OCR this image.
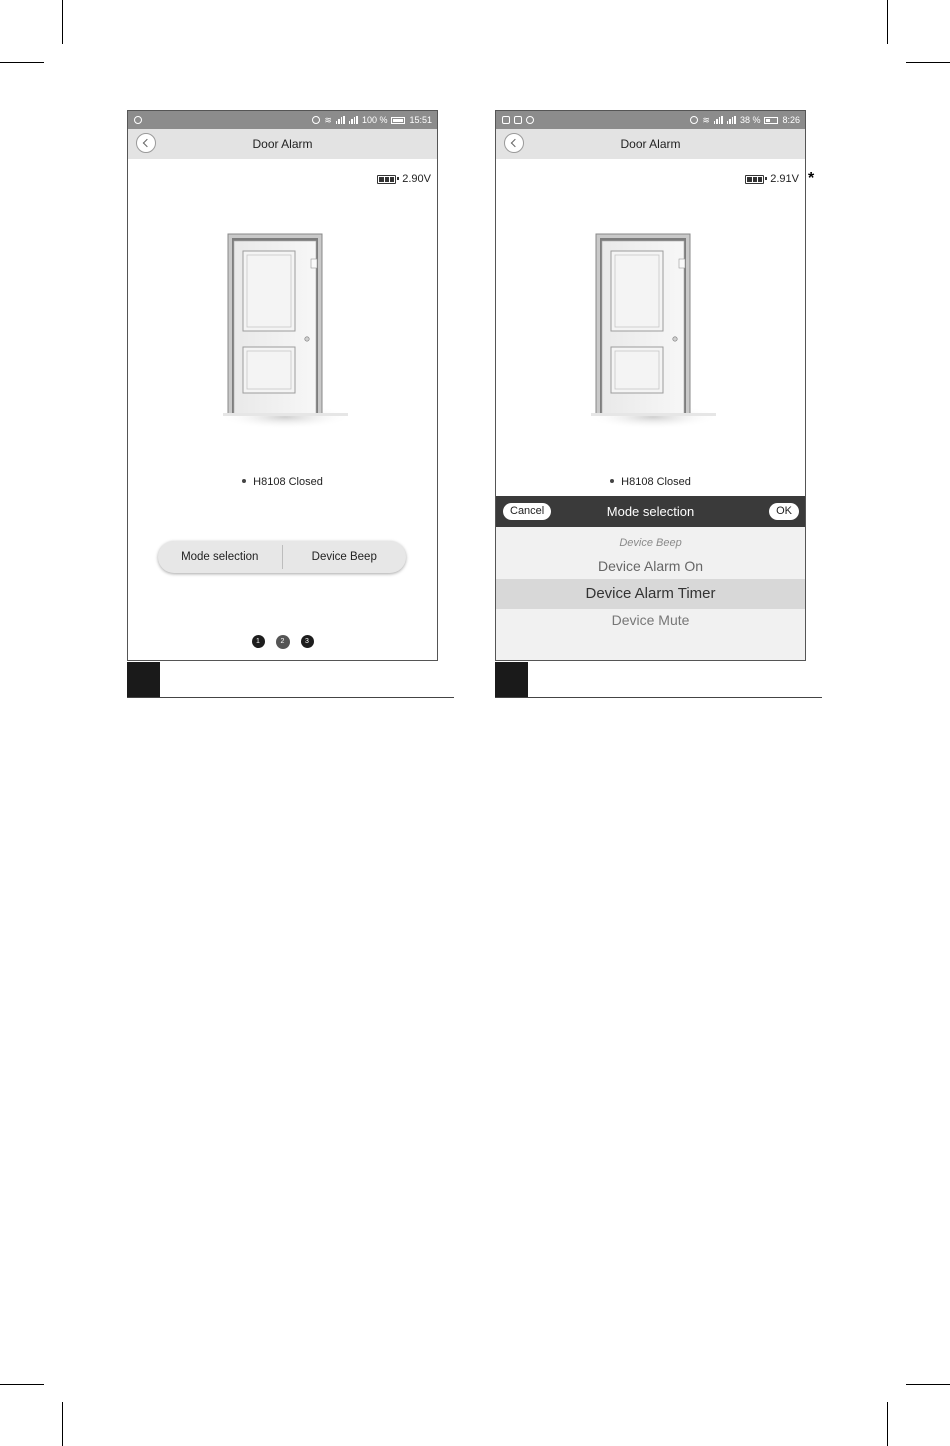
≋	100 % 15:51
Door Alarm
2.90V
H8108 Closed
Mode selection	Device Beep
1	2	3
≋	38 % 8:26
Door Alarm
2.91V
H8108 Closed
Cancel	Mode selection	OK
Device Beep
Device Alarm On
Device Alarm Timer
Device Mute
*
